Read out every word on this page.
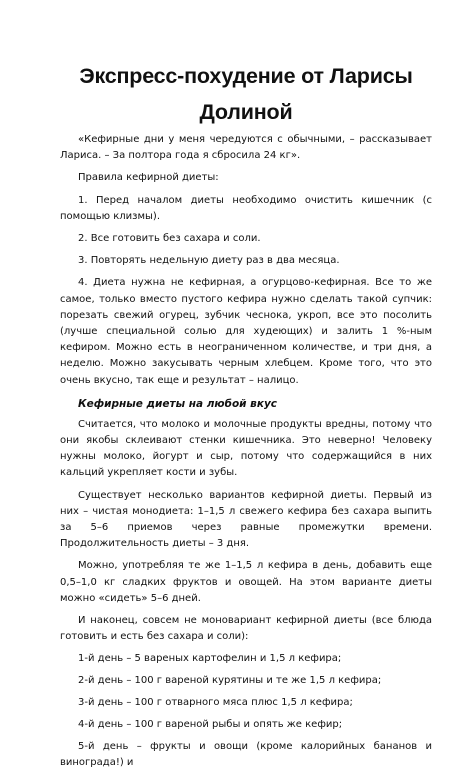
Экспресс-похудение от Ларисы
Долиной

«Кефирные дни у меня чередуются с обычными, – рассказывает Лариса. – За полтора года я сбросила 24 кг».

Правила кефирной диеты:

1. Перед началом диеты необходимо очистить кишечник (с помощью клизмы).

2. Все готовить без сахара и соли.

3. Повторять недельную диету раз в два месяца.

4. Диета нужна не кефирная, а огурцово-кефирная. Все то же самое, только вместо пустого кефира нужно сделать такой супчик: порезать свежий огурец, зубчик чеснока, укроп, все это посолить (лучше специальной солью для худеющих) и залить 1 %-ным кефиром. Можно есть в неограниченном количестве, и три дня, а неделю. Можно закусывать черным хлебцем. Кроме того, что это очень вкусно, так еще и результат – налицо.

Кефирные диеты на любой вкус

Считается, что молоко и молочные продукты вредны, потому что они якобы склеивают стенки кишечника. Это неверно! Человеку нужны молоко, йогурт и сыр, потому что содержащийся в них кальций укрепляет кости и зубы.

Существует несколько вариантов кефирной диеты. Первый из них – чистая монодиета: 1–1,5 л свежего кефира без сахара выпить за 5–6 приемов через равные промежутки времени. Продолжительность диеты – 3 дня.

Можно, употребляя те же 1–1,5 л кефира в день, добавить еще 0,5–1,0 кг сладких фруктов и овощей. На этом варианте диеты можно «сидеть» 5–6 дней.

И наконец, совсем не моновариант кефирной диеты (все блюда готовить и есть без сахара и соли):

1-й день – 5 вареных картофелин и 1,5 л кефира;
2-й день – 100 г вареной курятины и те же 1,5 л кефира;
3-й день – 100 г отварного мяса плюс 1,5 л кефира;
4-й день – 100 г вареной рыбы и опять же кефир;
5-й день – фрукты и овощи (кроме калорийных бананов и винограда!) и
